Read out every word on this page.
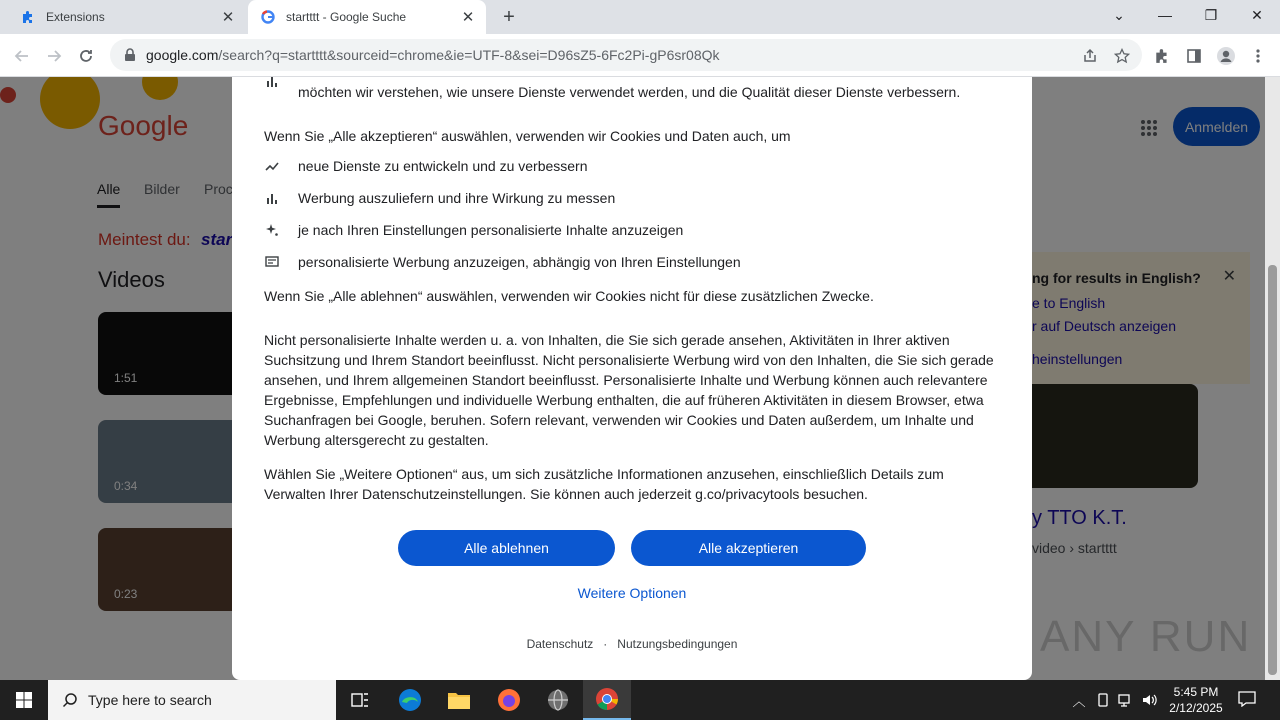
Extensions	✕	startttt - Google Suche	✕ +	⌄	—	❐	✕
google.com/search?q=startttt&sourceid=chrome&ie=UTF-8&sei=D96sZ5-6Fc2Pi-gP6sr08Qk
möchten wir verstehen, wie unsere Dienste verwendet werden, und die Qualität dieser Dienste verbessern.
Wenn Sie „Alle akzeptieren“ auswählen, verwenden wir Cookies und Daten auch, um
neue Dienste zu entwickeln und zu verbessern
Werbung auszuliefern und ihre Wirkung zu messen
je nach Ihren Einstellungen personalisierte Inhalte anzuzeigen
personalisierte Werbung anzuzeigen, abhängig von Ihren Einstellungen
Wenn Sie „Alle ablehnen“ auswählen, verwenden wir Cookies nicht für diese zusätzlichen Zwecke.
Nicht personalisierte Inhalte werden u. a. von Inhalten, die Sie sich gerade ansehen, Aktivitäten in Ihrer aktiven Suchsitzung und Ihrem Standort beeinflusst. Nicht personalisierte Werbung wird von den Inhalten, die Sie sich gerade ansehen, und Ihrem allgemeinen Standort beeinflusst. Personalisierte Inhalte und Werbung können auch relevantere Ergebnisse, Empfehlungen und individuelle Werbung enthalten, die auf früheren Aktivitäten in diesem Browser, etwa Suchanfragen bei Google, beruhen. Sofern relevant, verwenden wir Cookies und Daten außerdem, um Inhalte und Werbung altersgerecht zu gestalten.
Wählen Sie „Weitere Optionen“ aus, um sich zusätzliche Informationen anzusehen, einschließlich Details zum Verwalten Ihrer Datenschutzeinstellungen. Sie können auch jederzeit g.co/privacytools besuchen.
Alle ablehnen	Alle akzeptieren
Weitere Optionen
Datenschutz · Nutzungsbedingungen
Type here to search	︿
5:45 PM
2/12/2025
